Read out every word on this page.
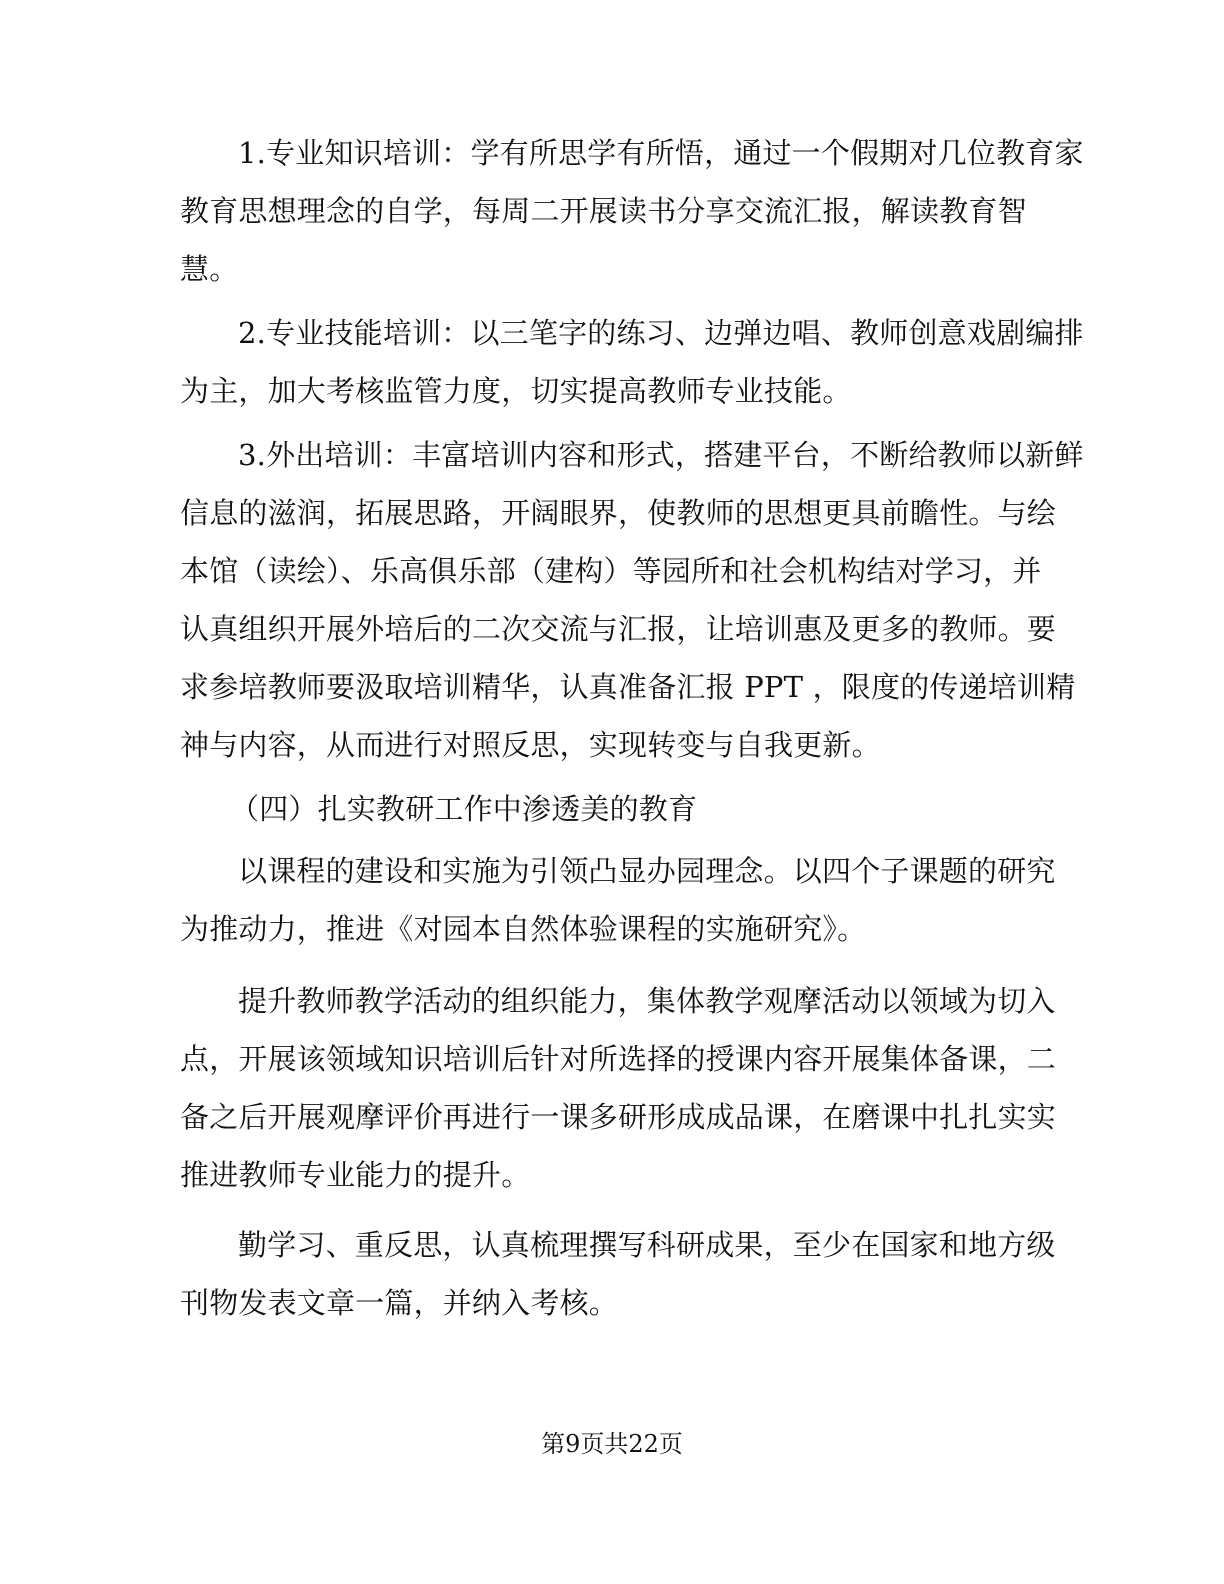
1.专业知识培训：学有所思学有所悟，通过一个假期对几位教育家
教育思想理念的自学，每周二开展读书分享交流汇报，解读教育智
慧。
2.专业技能培训：以三笔字的练习、边弹边唱、教师创意戏剧编排
为主，加大考核监管力度，切实提高教师专业技能。
3.外出培训：丰富培训内容和形式，搭建平台，不断给教师以新鲜
信息的滋润，拓展思路，开阔眼界，使教师的思想更具前瞻性。与绘
本馆（读绘）、乐高俱乐部（建构）等园所和社会机构结对学习，并
认真组织开展外培后的二次交流与汇报，让培训惠及更多的教师。要
求参培教师要汲取培训精华，认真准备汇报 PPT ，限度的传递培训精
神与内容，从而进行对照反思，实现转变与自我更新。
（四）扎实教研工作中渗透美的教育
以课程的建设和实施为引领凸显办园理念。以四个子课题的研究
为推动力，推进《对园本自然体验课程的实施研究》。
提升教师教学活动的组织能力，集体教学观摩活动以领域为切入
点，开展该领域知识培训后针对所选择的授课内容开展集体备课，二
备之后开展观摩评价再进行一课多研形成成品课，在磨课中扎扎实实
推进教师专业能力的提升。
勤学习、重反思，认真梳理撰写科研成果，至少在国家和地方级
刊物发表文章一篇，并纳入考核。
第9页共22页
